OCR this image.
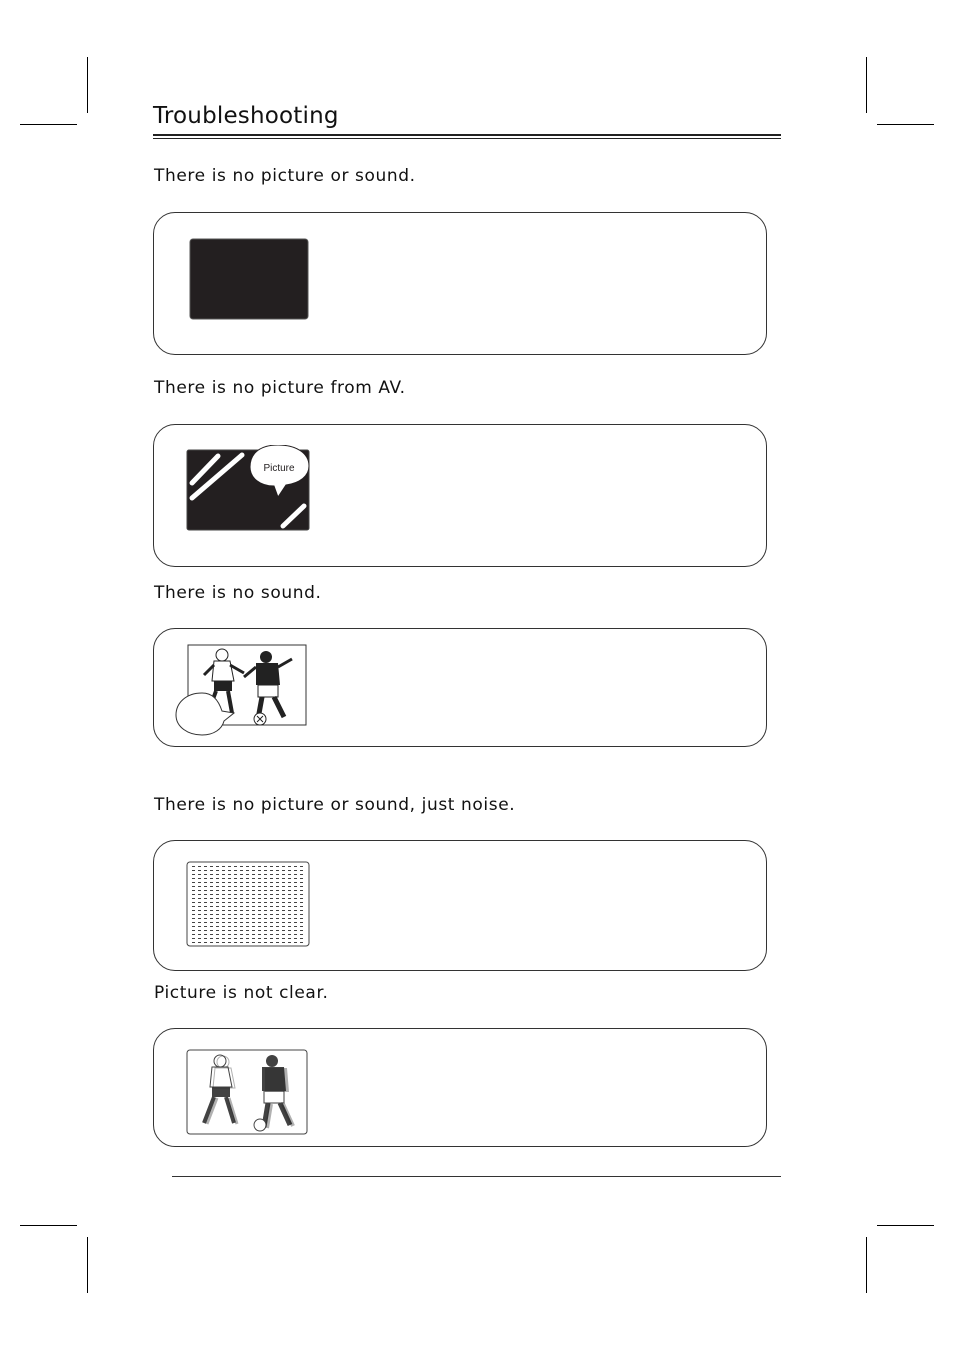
Troubleshooting
There is no picture or sound.
There is no picture from AV.
Picture
There is no sound.
There is no picture or sound, just noise.
Picture is not clear.
